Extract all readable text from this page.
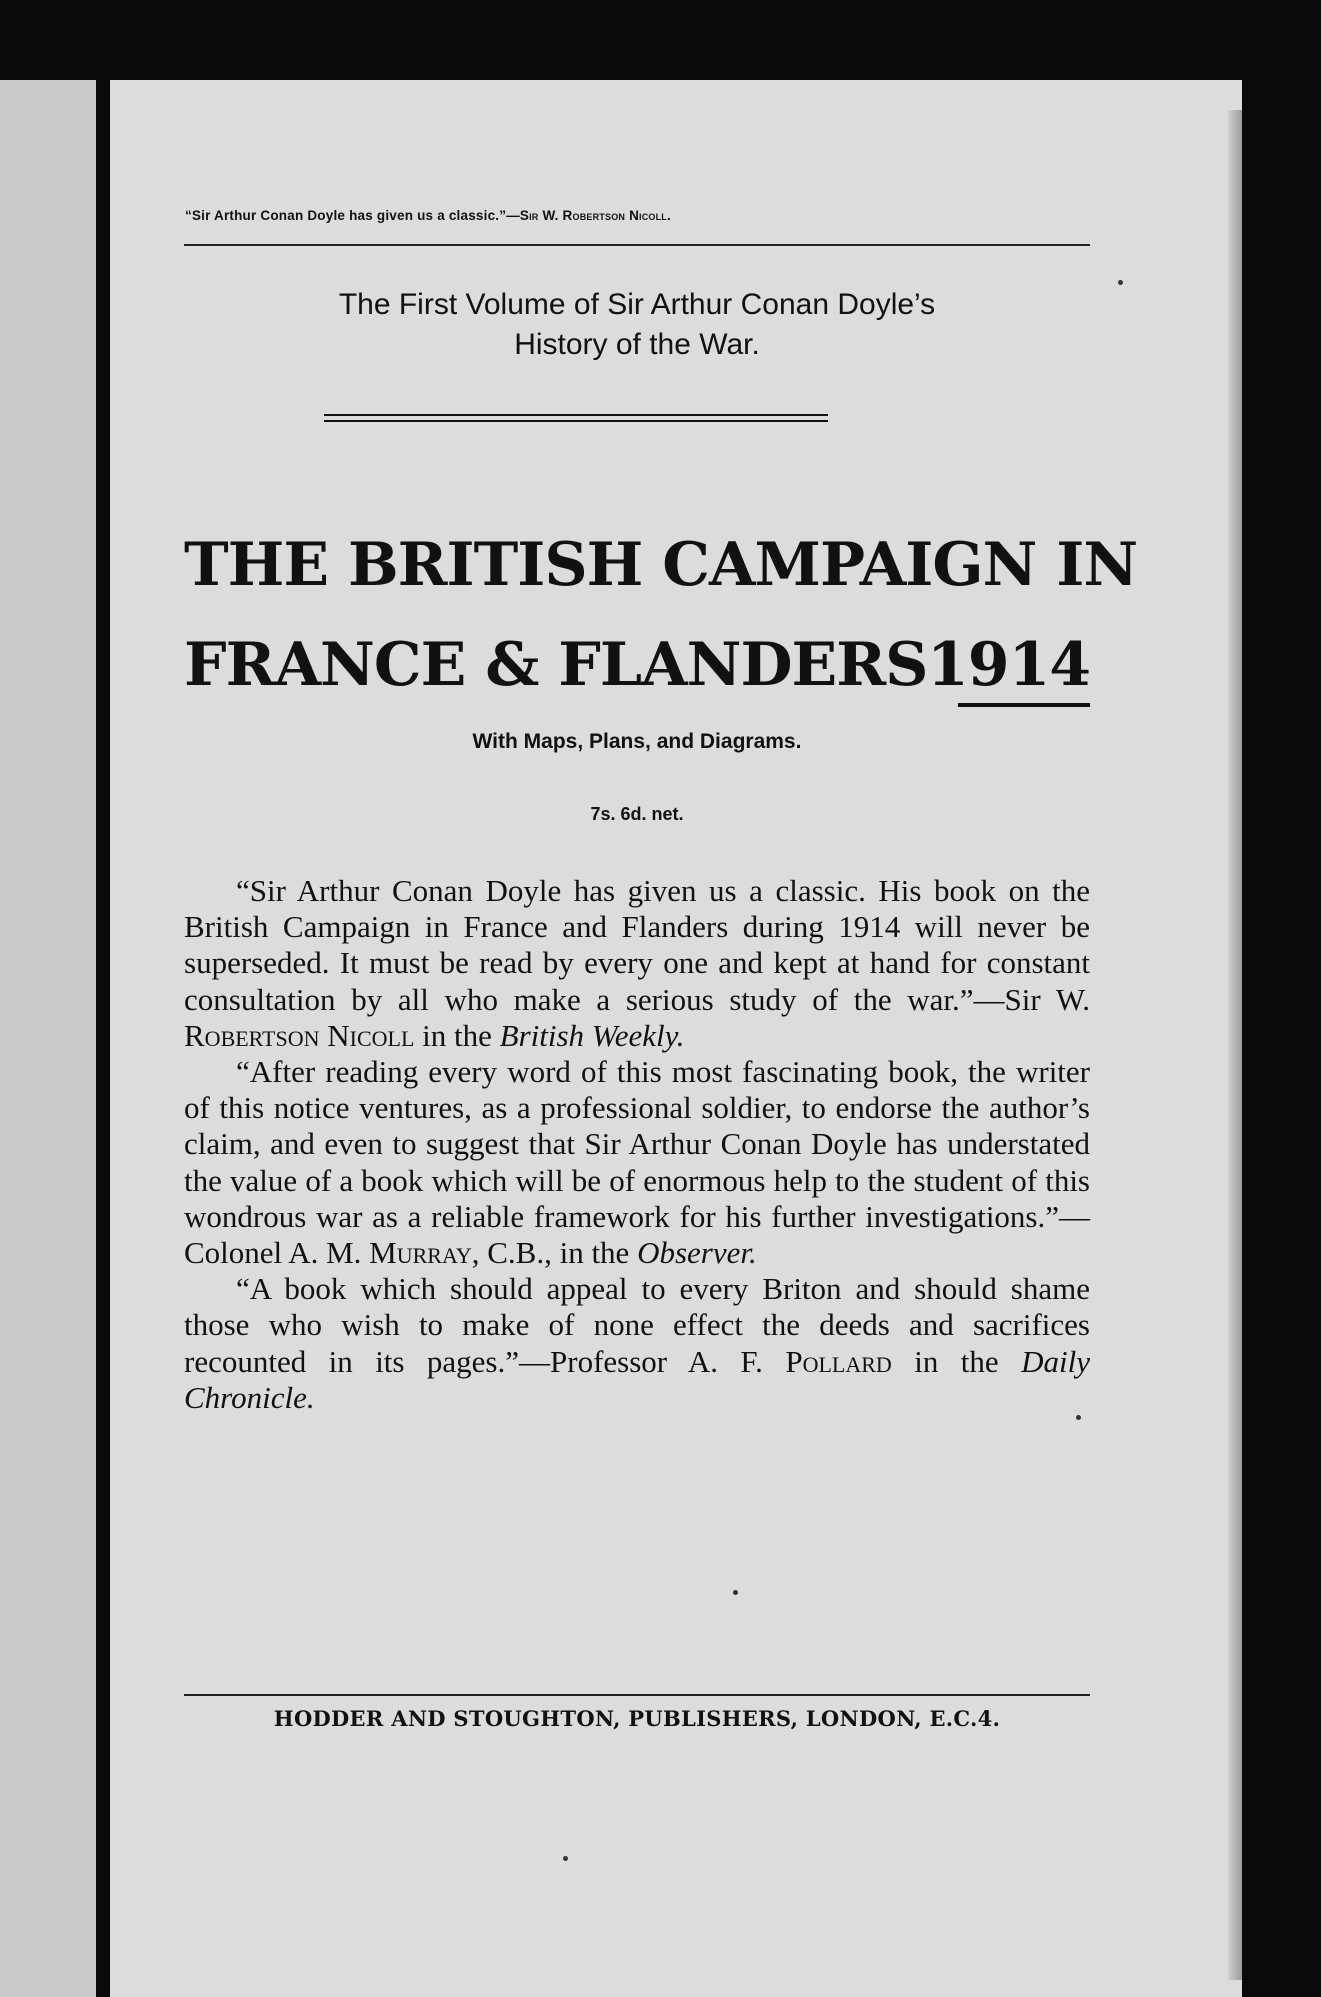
“Sir Arthur Conan Doyle has given us a classic.”—Sir W. Robertson Nicoll.
The First Volume of Sir Arthur Conan Doyle’s
History of the War.
THE BRITISH CAMPAIGN IN
FRANCE & FLANDERS 1914
With Maps, Plans, and Diagrams.
7s. 6d. net.

“Sir Arthur Conan Doyle has given us a classic. His book on the British Campaign in France and Flanders during 1914 will never be superseded. It must be read by every one and kept at hand for constant consultation by all who make a serious study of the war.”—Sir W. Robertson Nicoll in the British Weekly.

“After reading every word of this most fascinating book, the writer of this notice ventures, as a professional soldier, to endorse the author’s claim, and even to suggest that Sir Arthur Conan Doyle has understated the value of a book which will be of enormous help to the student of this wondrous war as a reliable framework for his further investigations.”—Colonel A. M. Murray, C.B., in the Observer.

“A book which should appeal to every Briton and should shame those who wish to make of none effect the deeds and sacrifices recounted in its pages.”—Professor A. F. Pollard in the Daily Chronicle.

HODDER AND STOUGHTON, PUBLISHERS, LONDON, E.C.4.
